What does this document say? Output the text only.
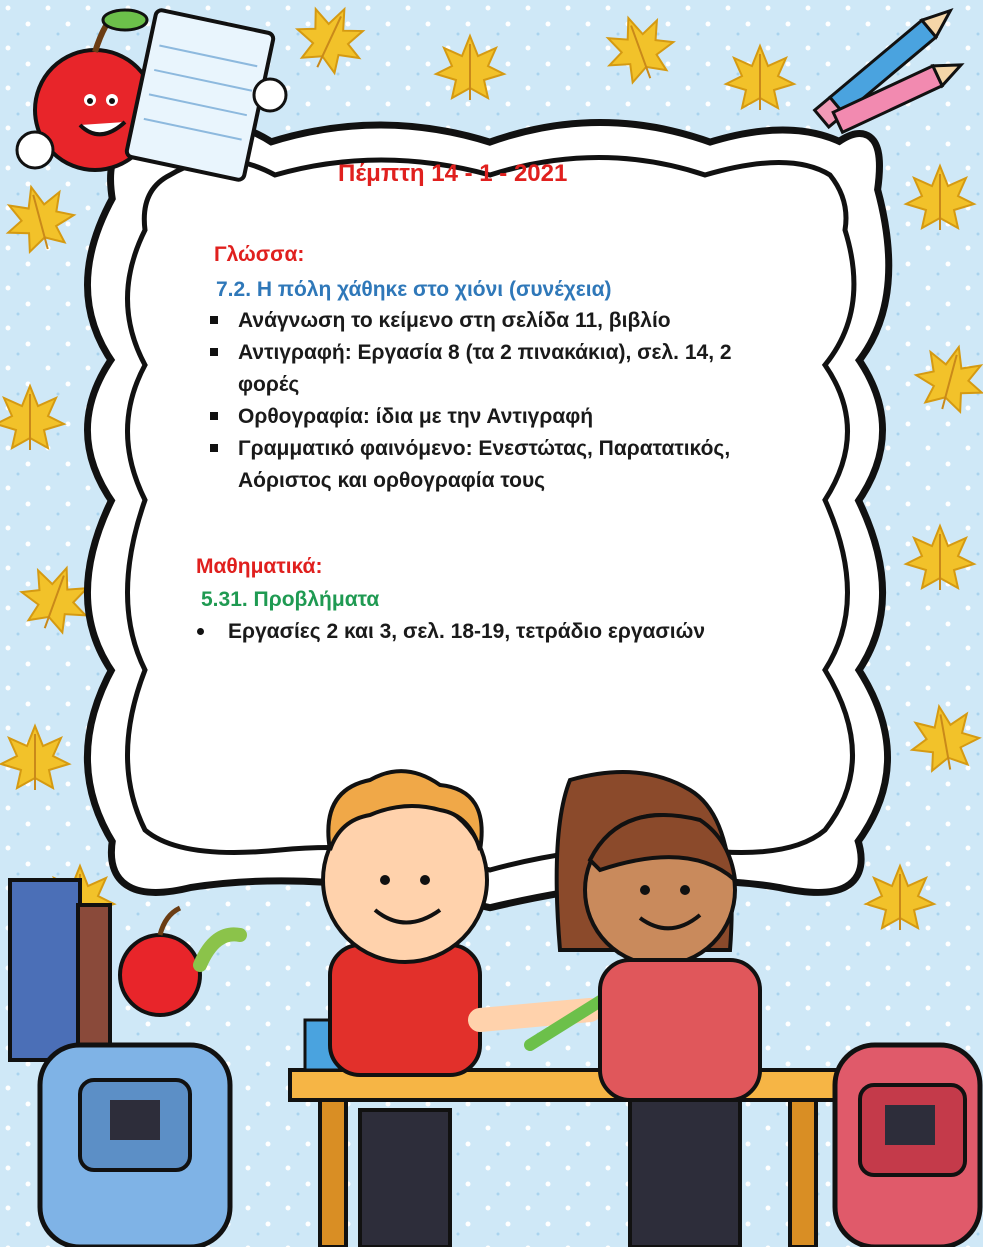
Πέμπτη 14 - 1 - 2021
Γλώσσα:
7.2. Η πόλη χάθηκε στο χιόνι (συνέχεια)
Ανάγνωση το κείμενο στη σελίδα 11, βιβλίο
Αντιγραφή: Εργασία 8 (τα 2 πινακάκια), σελ. 14, 2
φορές
Ορθογραφία: ίδια με την Αντιγραφή
Γραμματικό φαινόμενο: Ενεστώτας, Παρατατικός,
Αόριστος και ορθογραφία τους
Μαθηματικά:
5.31. Προβλήματα
Εργασίες 2 και 3, σελ. 18-19, τετράδιο εργασιών
